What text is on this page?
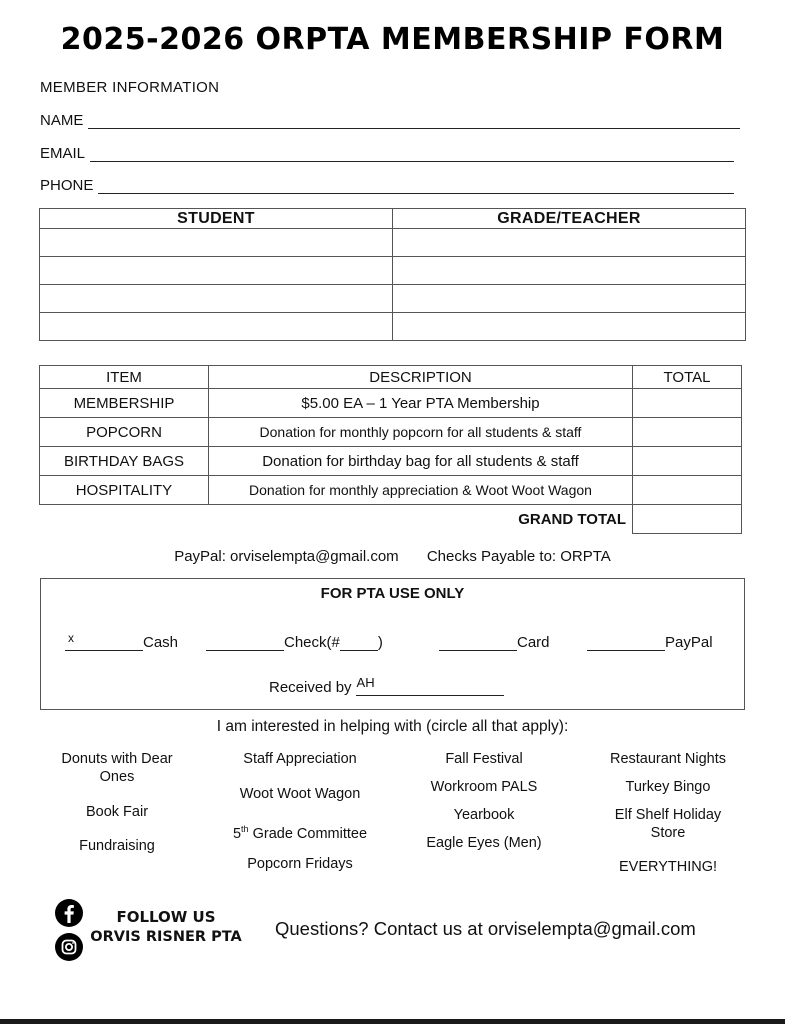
2025-2026 ORPTA MEMBERSHIP FORM
MEMBER INFORMATION
NAME
EMAIL
PHONE
STUDENT	GRADE/TEACHER

ITEM	DESCRIPTION	TOTAL
MEMBERSHIP	$5.00 EA – 1 Year PTA Membership	
POPCORN	Donation for monthly popcorn for all students & staff	
BIRTHDAY BAGS	Donation for birthday bag for all students & staff	
HOSPITALITY	Donation for monthly appreciation & Woot Woot Wagon	
	GRAND TOTAL	
PayPal: orviselempta@gmail.com Checks Payable to: ORPTA
FOR PTA USE ONLY
x	Cash	Check(#	)	Card	PayPal
Received by AH
I am interested in helping with (circle all that apply):
Donuts with Dear Ones
Book Fair
Fundraising
Staff Appreciation
Woot Woot Wagon
5th Grade Committee
Popcorn Fridays
Fall Festival
Workroom PALS
Yearbook
Eagle Eyes (Men)
Restaurant Nights
Turkey Bingo
Elf Shelf Holiday Store
EVERYTHING!
FOLLOW US
ORVIS RISNER PTA Questions? Contact us at orviselempta@gmail.com
